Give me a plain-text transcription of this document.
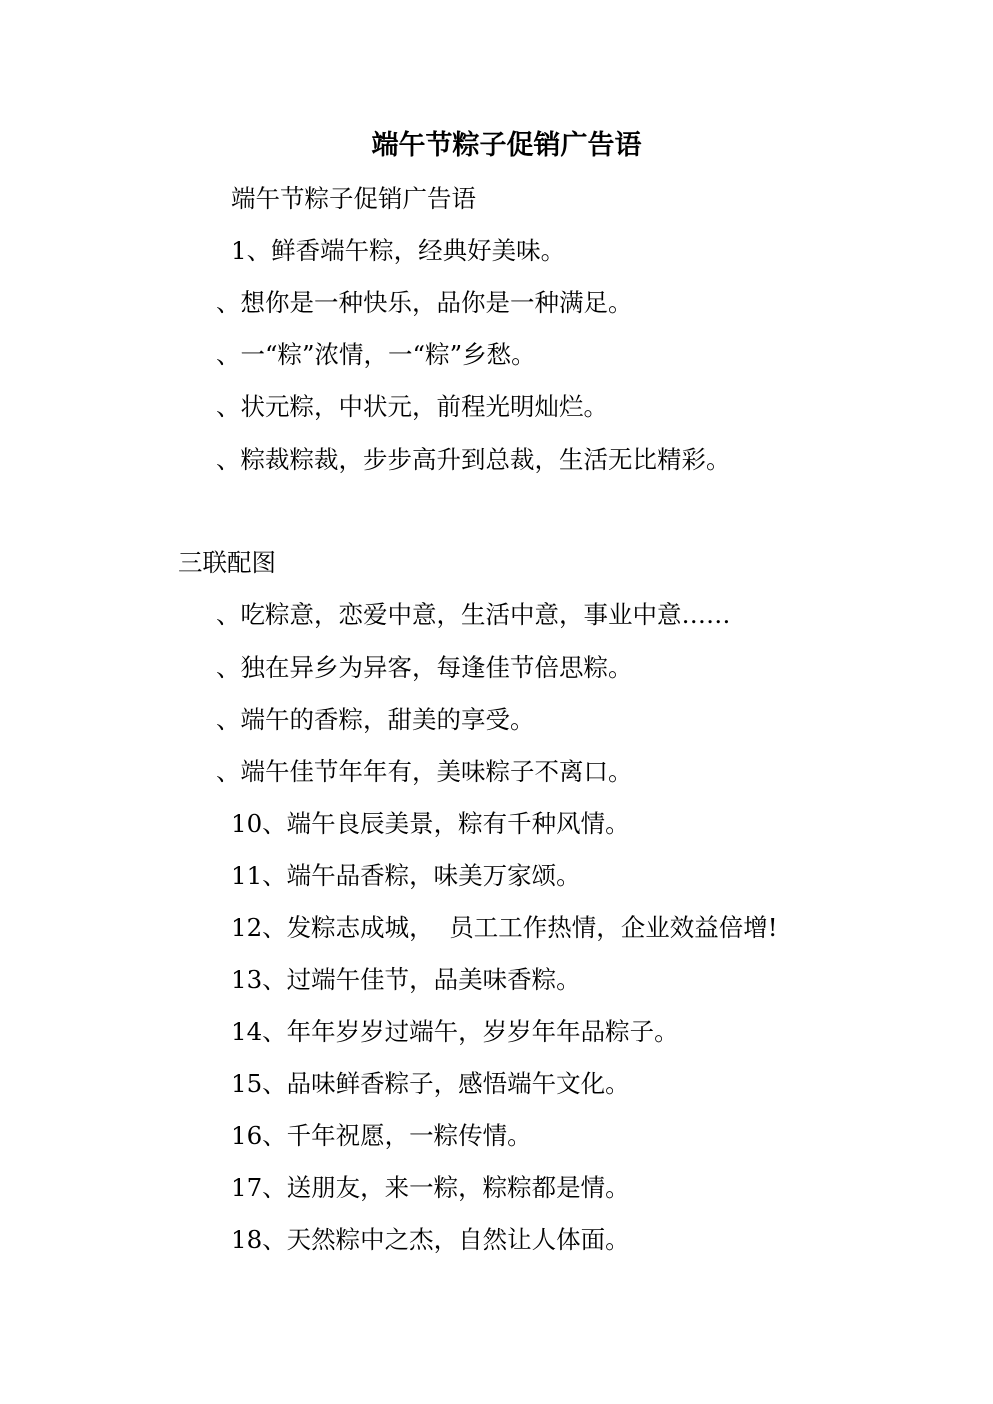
端午节粽子促销广告语
端午节粽子促销广告语
1、鲜香端午粽，经典好美味。
、想你是一种快乐，品你是一种满足。
、一“粽”浓情，一“粽”乡愁。
、状元粽，中状元，前程光明灿烂。
、粽裁粽裁，步步高升到总裁，生活无比精彩。
三联配图
、吃粽意，恋爱中意，生活中意，事业中意……
、独在异乡为异客，每逢佳节倍思粽。
、端午的香粽，甜美的享受。
、端午佳节年年有，美味粽子不离口。
10、端午良辰美景，粽有千种风情。
11、端午品香粽，味美万家颂。
12、发粽志成城，  员工工作热情，企业效益倍增!
13、过端午佳节，品美味香粽。
14、年年岁岁过端午，岁岁年年品粽子。
15、品味鲜香粽子，感悟端午文化。
16、千年祝愿，一粽传情。
17、送朋友，来一粽，粽粽都是情。
18、天然粽中之杰，自然让人体面。
